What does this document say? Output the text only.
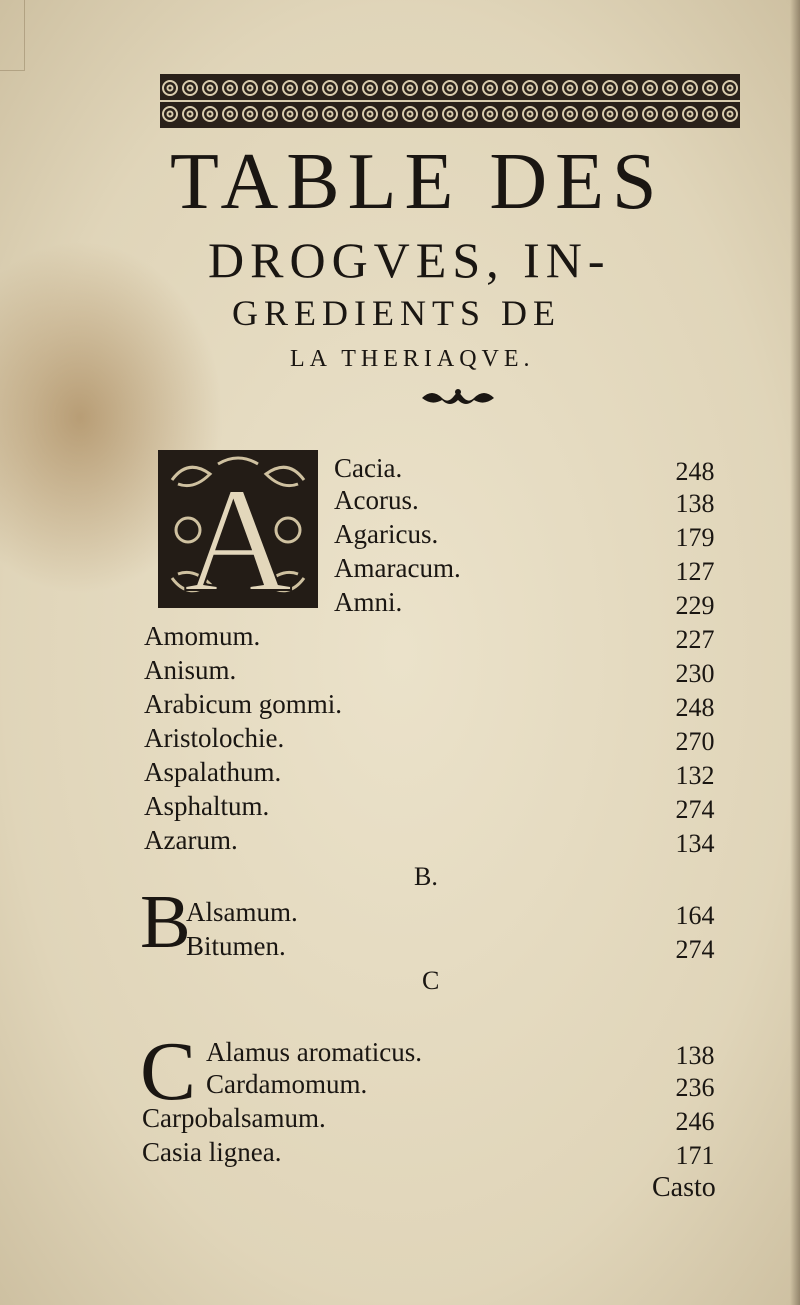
TABLE DES
DROGVES, IN-
GREDIENTS DE
LA THERIAQVE.
A Cacia.	248
Acorus.	138
Agaricus.	179
Amaracum.	127
Amni.	229
Amomum.	227
Anisum.	230
Arabicum gommi.	248
Aristolochie.	270
Aspalathum.	132
Asphaltum.	274
Azarum.	134
B.
B
Alsamum.	164
Bitumen.	274
C
C Alamus aromaticus.	138
Cardamomum.	236
Carpobalsamum.	246
Casia lignea.	171
Casto
